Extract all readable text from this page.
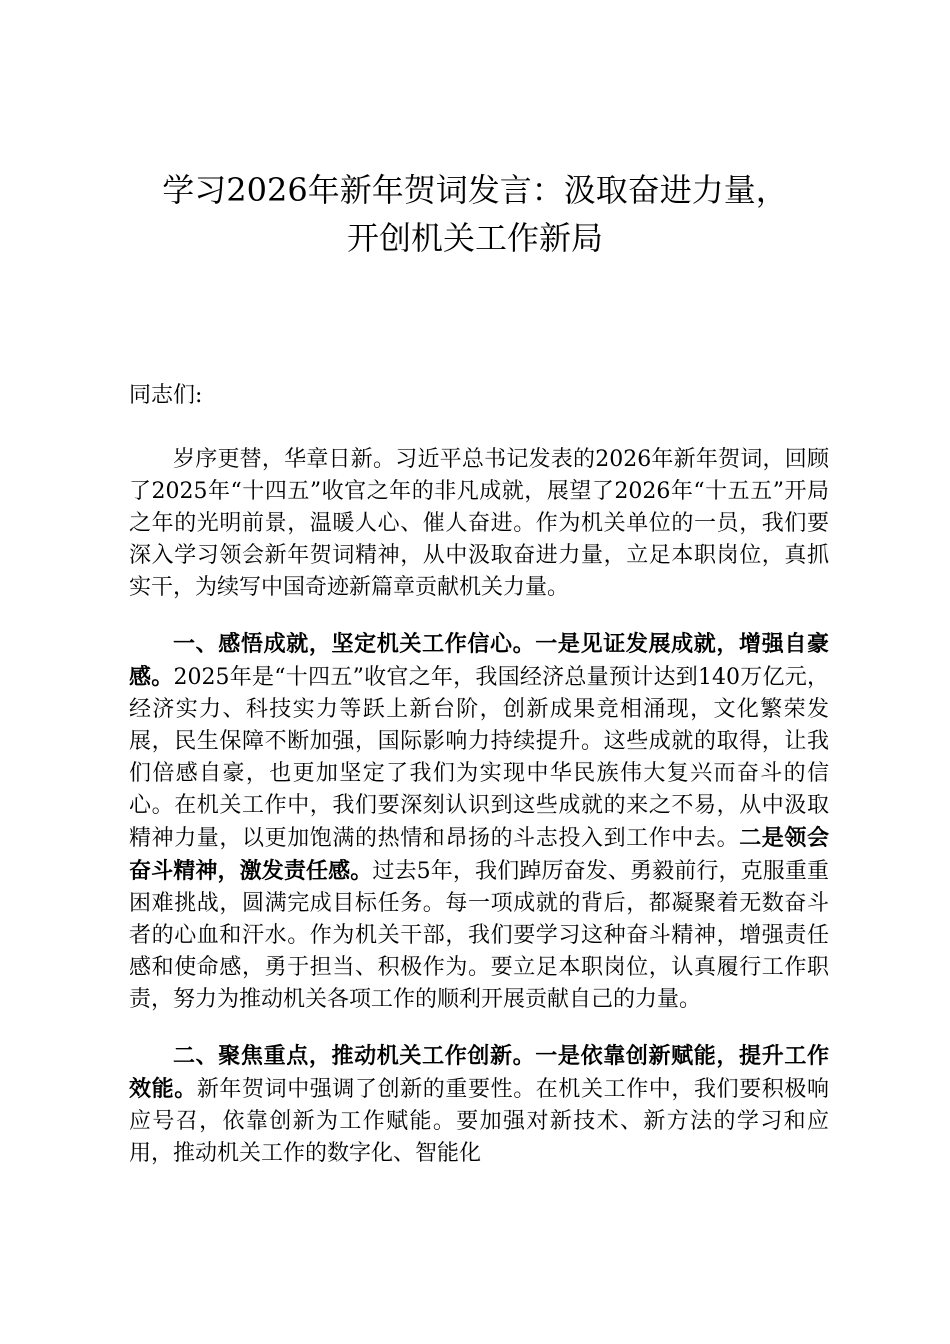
学习2026年新年贺词发言：汲取奋进力量，
开创机关工作新局

同志们:

岁序更替，华章日新。习近平总书记发表的2026年新年贺词，回顾了2025年“十四五”收官之年的非凡成就，展望了2026年“十五五”开局之年的光明前景，温暖人心、催人奋进。作为机关单位的一员，我们要深入学习领会新年贺词精神，从中汲取奋进力量，立足本职岗位，真抓实干，为续写中国奇迹新篇章贡献机关力量。

一、感悟成就，坚定机关工作信心。一是见证发展成就，增强自豪感。2025年是“十四五”收官之年，我国经济总量预计达到140万亿元，经济实力、科技实力等跃上新台阶，创新成果竞相涌现，文化繁荣发展，民生保障不断加强，国际影响力持续提升。这些成就的取得，让我们倍感自豪，也更加坚定了我们为实现中华民族伟大复兴而奋斗的信心。在机关工作中，我们要深刻认识到这些成就的来之不易，从中汲取精神力量，以更加饱满的热情和昂扬的斗志投入到工作中去。二是领会奋斗精神，激发责任感。过去5年，我们踔厉奋发、勇毅前行，克服重重困难挑战，圆满完成目标任务。每一项成就的背后，都凝聚着无数奋斗者的心血和汗水。作为机关干部，我们要学习这种奋斗精神，增强责任感和使命感，勇于担当、积极作为。要立足本职岗位，认真履行工作职责，努力为推动机关各项工作的顺利开展贡献自己的力量。

二、聚焦重点，推动机关工作创新。一是依靠创新赋能，提升工作效能。新年贺词中强调了创新的重要性。在机关工作中，我们要积极响应号召，依靠创新为工作赋能。要加强对新技术、新方法的学习和应用，推动机关工作的数字化、智能化
